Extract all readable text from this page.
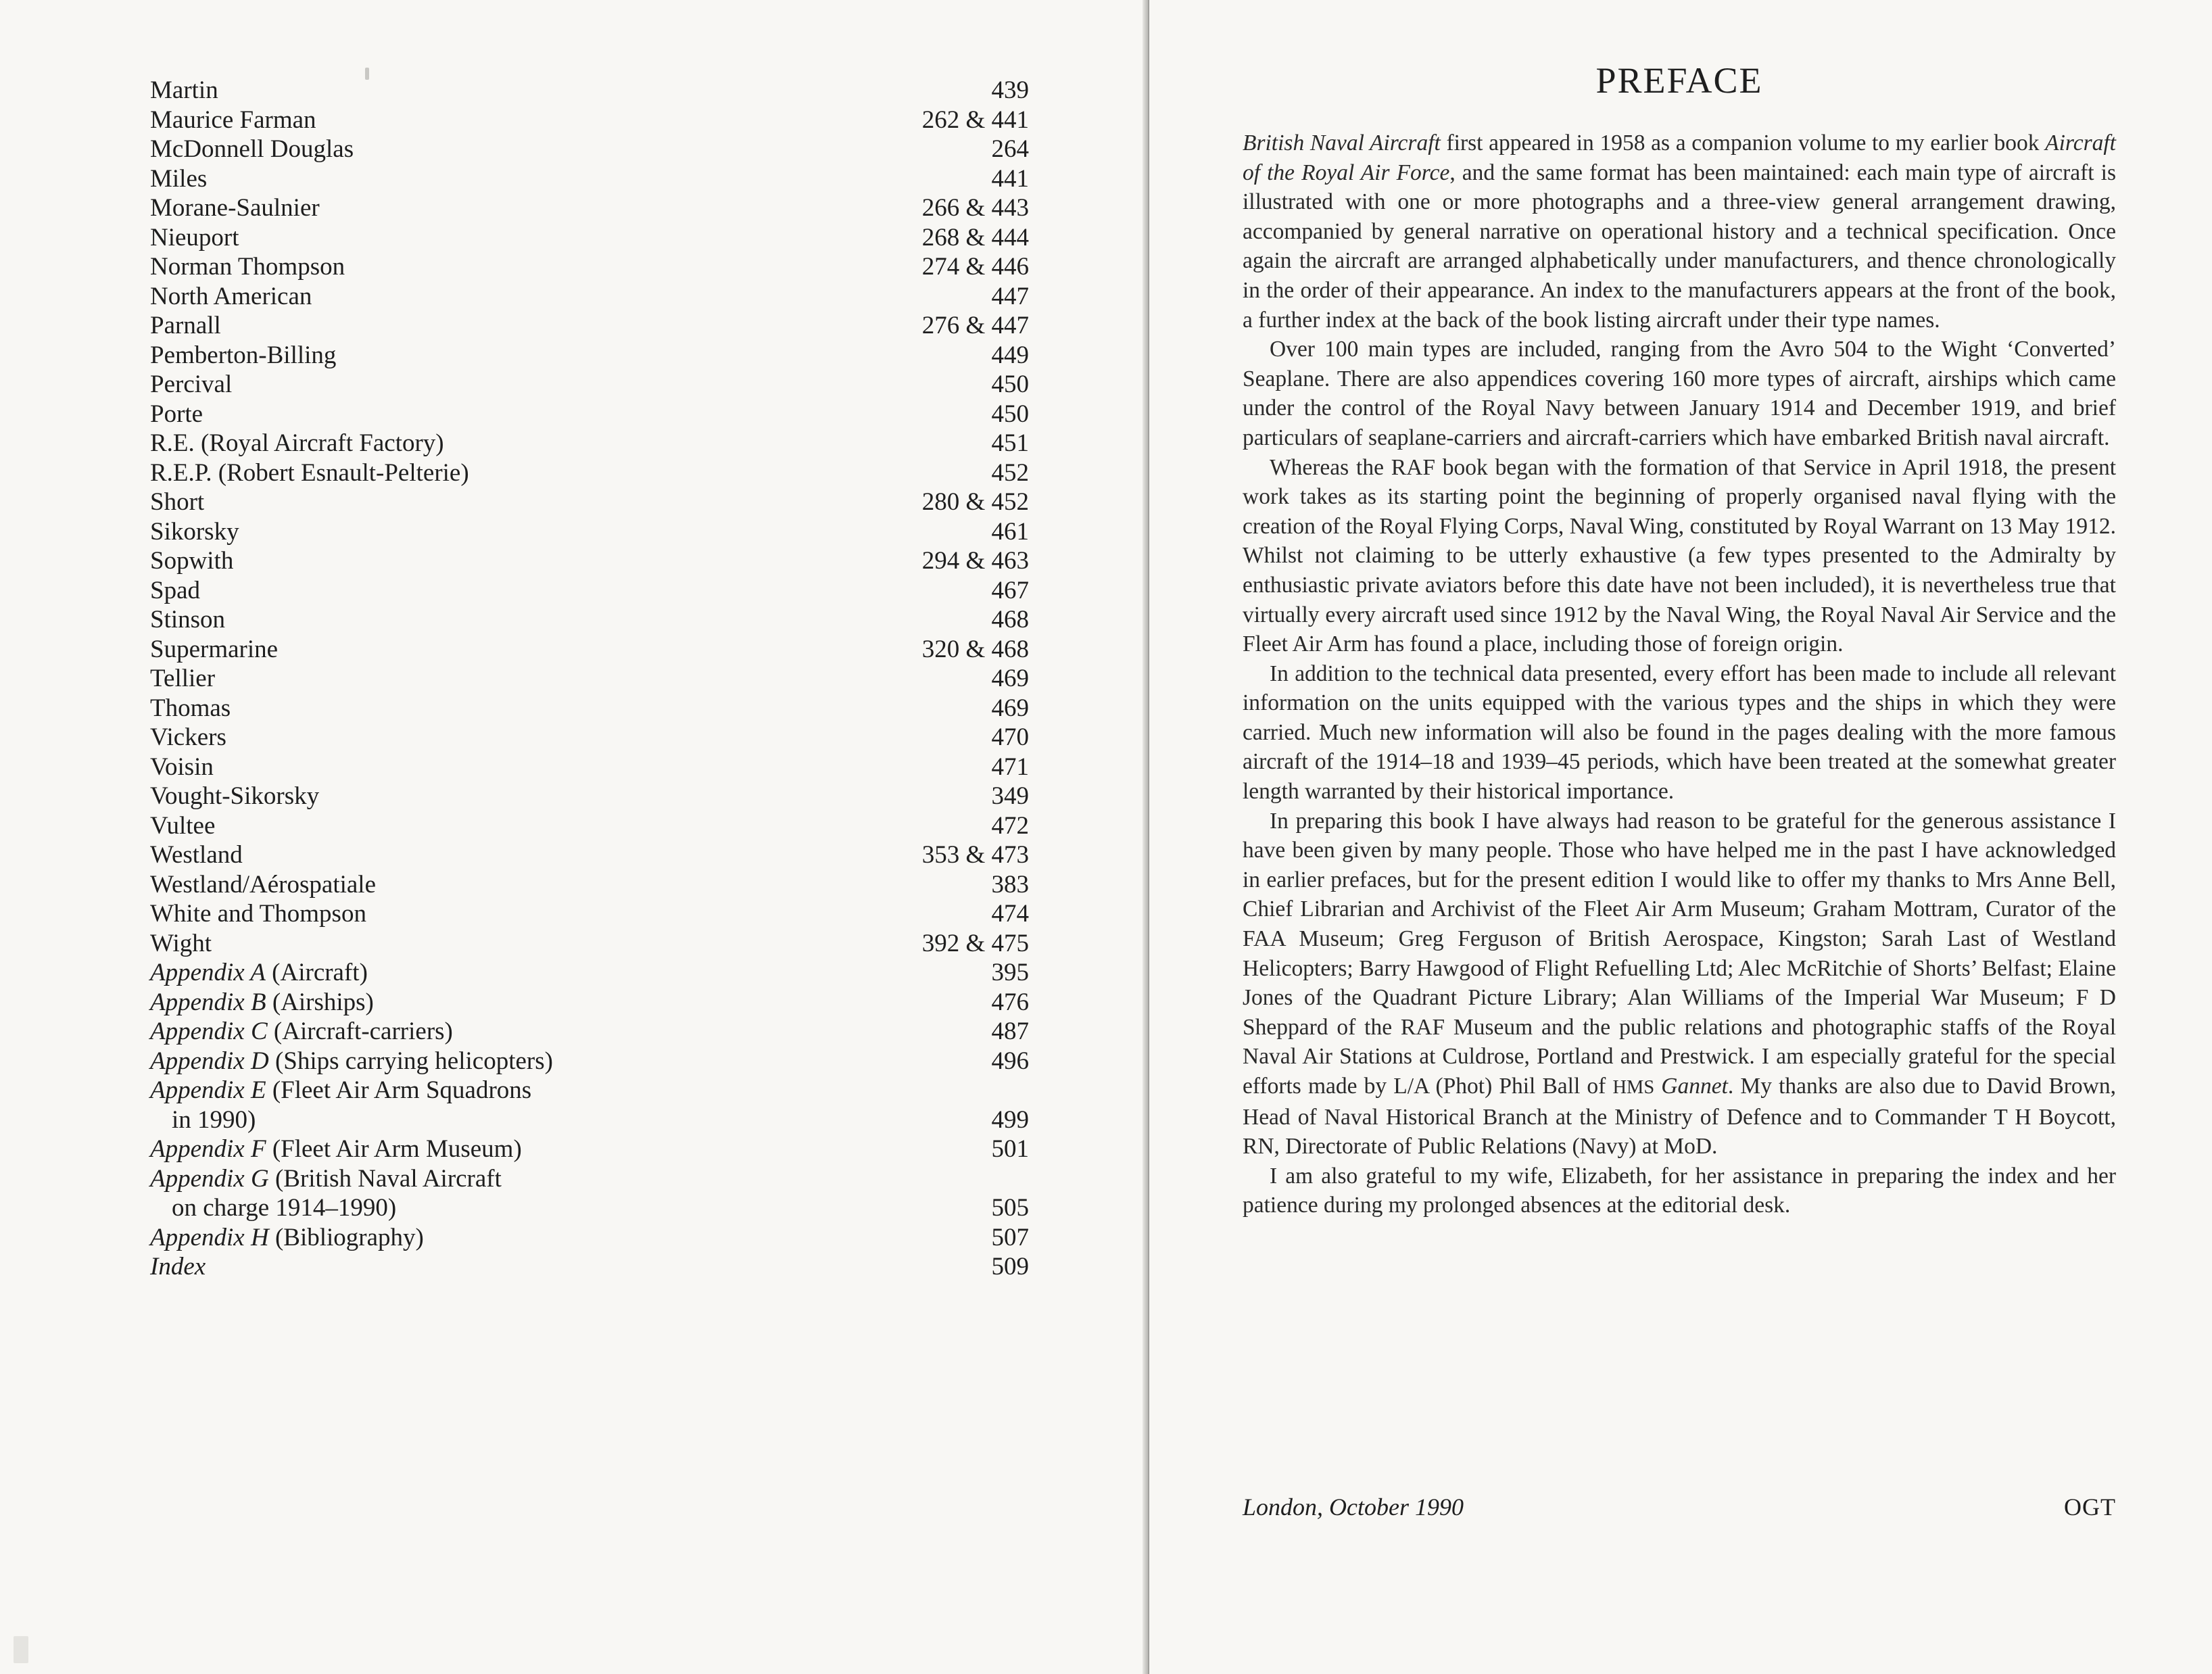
Martin	439
Maurice Farman	262 & 441
McDonnell Douglas	264
Miles	441
Morane-Saulnier	266 & 443
Nieuport	268 & 444
Norman Thompson	274 & 446
North American	447
Parnall	276 & 447
Pemberton-Billing	449
Percival	450
Porte	450
R.E. (Royal Aircraft Factory)	451
R.E.P. (Robert Esnault-Pelterie)	452
Short	280 & 452
Sikorsky	461
Sopwith	294 & 463
Spad	467
Stinson	468
Supermarine	320 & 468
Tellier	469
Thomas	469
Vickers	470
Voisin	471
Vought-Sikorsky	349
Vultee	472
Westland	353 & 473
Westland/Aérospatiale	383
White and Thompson	474
Wight	392 & 475
Appendix A (Aircraft)	395
Appendix B (Airships)	476
Appendix C (Aircraft-carriers)	487
Appendix D (Ships carrying helicopters)	496
Appendix E (Fleet Air Arm Squadrons
in 1990)	499
Appendix F (Fleet Air Arm Museum)	501
Appendix G (British Naval Aircraft
on charge 1914–1990)	505
Appendix H (Bibliography)	507
Index	509
PREFACE

British Naval Aircraft first appeared in 1958 as a companion volume to my earlier book Aircraft of the Royal Air Force, and the same format has been maintained: each main type of aircraft is illustrated with one or more photographs and a three-view general arrangement drawing, accompanied by general narrative on operational history and a technical specification. Once again the aircraft are arranged alphabetically under manufacturers, and thence chronologically in the order of their appearance. An index to the manufacturers appears at the front of the book, a further index at the back of the book listing aircraft under their type names.

Over 100 main types are included, ranging from the Avro 504 to the Wight ‘Converted’ Seaplane. There are also appendices covering 160 more types of aircraft, airships which came under the control of the Royal Navy between January 1914 and December 1919, and brief particulars of seaplane-carriers and aircraft-carriers which have embarked British naval aircraft.

Whereas the RAF book began with the formation of that Service in April 1918, the present work takes as its starting point the beginning of properly organised naval flying with the creation of the Royal Flying Corps, Naval Wing, constituted by Royal Warrant on 13 May 1912. Whilst not claiming to be utterly exhaustive (a few types presented to the Admiralty by enthusiastic private aviators before this date have not been included), it is nevertheless true that virtually every aircraft used since 1912 by the Naval Wing, the Royal Naval Air Service and the Fleet Air Arm has found a place, including those of foreign origin.

In addition to the technical data presented, every effort has been made to include all relevant information on the units equipped with the various types and the ships in which they were carried. Much new information will also be found in the pages dealing with the more famous aircraft of the 1914–18 and 1939–45 periods, which have been treated at the somewhat greater length warranted by their historical importance.

In preparing this book I have always had reason to be grateful for the generous assistance I have been given by many people. Those who have helped me in the past I have acknowledged in earlier prefaces, but for the present edition I would like to offer my thanks to Mrs Anne Bell, Chief Librarian and Archivist of the Fleet Air Arm Museum; Graham Mottram, Curator of the FAA Museum; Greg Ferguson of British Aerospace, Kingston; Sarah Last of Westland Helicopters; Barry Hawgood of Flight Refuelling Ltd; Alec McRitchie of Shorts’ Belfast; Elaine Jones of the Quadrant Picture Library; Alan Williams of the Imperial War Museum; F D Sheppard of the RAF Museum and the public relations and photographic staffs of the Royal Naval Air Stations at Culdrose, Portland and Prestwick. I am especially grateful for the special efforts made by L/A (Phot) Phil Ball of HMS Gannet. My thanks are also due to David Brown, Head of Naval Historical Branch at the Ministry of Defence and to Commander T H Boycott, RN, Directorate of Public Relations (Navy) at MoD.

I am also grateful to my wife, Elizabeth, for her assistance in preparing the index and her patience during my prolonged absences at the editorial desk.

London, October 1990	OGT
